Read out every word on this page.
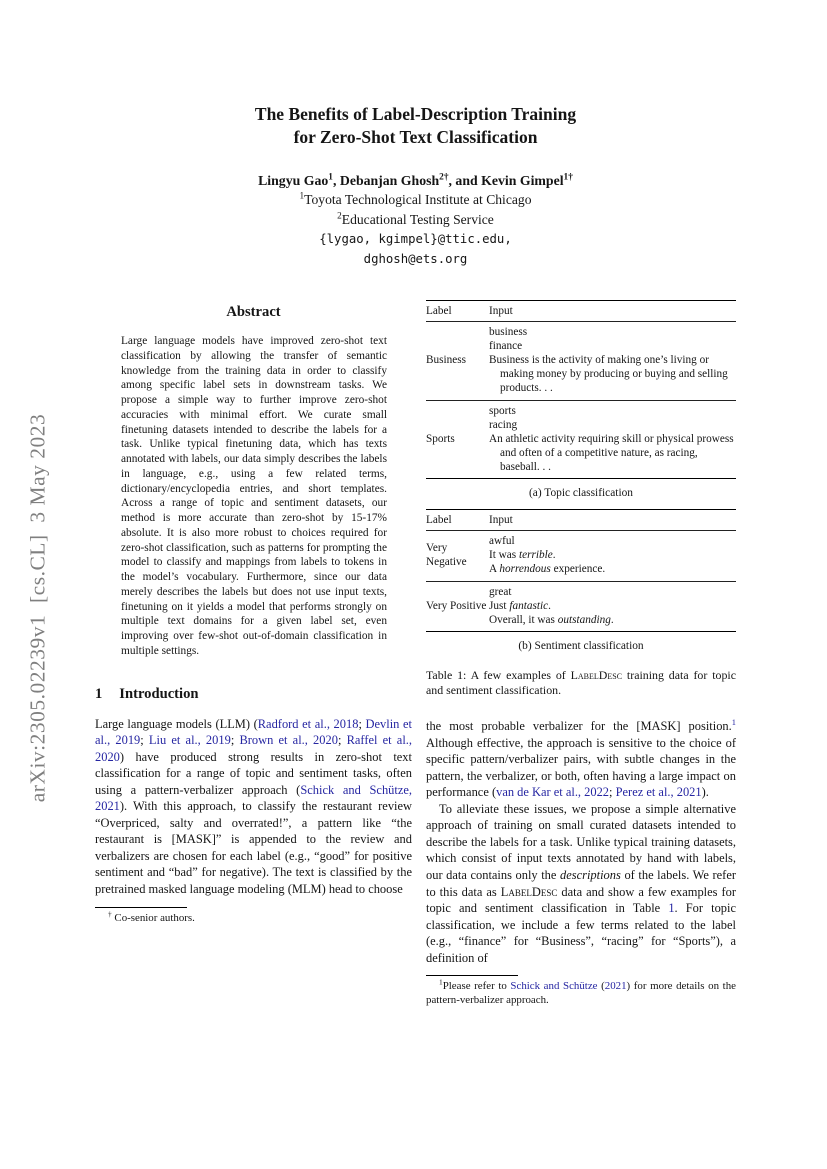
arXiv:2305.02239v1  [cs.CL]  3 May 2023
The Benefits of Label-Description Training
for Zero-Shot Text Classification
Lingyu Gao$^1$, Debanjan Ghosh$^{2\dagger}$, and Kevin Gimpel$^{1\dagger}$
$^1$Toyota Technological Institute at Chicago
$^2$Educational Testing Service
{lygao, kgimpel}@ttic.edu,
dghosh@ets.org
Abstract

Large language models have improved zero-shot text classification by allowing the transfer of semantic knowledge from the training data in order to classify among specific label sets in downstream tasks. We propose a simple way to further improve zero-shot accuracies with minimal effort. We curate small finetuning datasets intended to describe the labels for a task. Unlike typical finetuning data, which has texts annotated with labels, our data simply describes the labels in language, e.g., using a few related terms, dictionary/encyclopedia entries, and short templates. Across a range of topic and sentiment datasets, our method is more accurate than zero-shot by 15-17% absolute. It is also more robust to choices required for zero-shot classification, such as patterns for prompting the model to classify and mappings from labels to tokens in the model’s vocabulary. Furthermore, since our data merely describes the labels but does not use input texts, finetuning on it yields a model that performs strongly on multiple text domains for a given label set, even improving over few-shot out-of-domain classification in multiple settings.

1 Introduction

Large language models (LLM) (Radford et al., 2018; Devlin et al., 2019; Liu et al., 2019; Brown et al., 2020; Raffel et al., 2020) have produced strong results in zero-shot text classification for a range of topic and sentiment tasks, often using a pattern-verbalizer approach (Schick and Schütze, 2021). With this approach, to classify the restaurant review “Overpriced, salty and overrated!”, a pattern like “the restaurant is [MASK]” is appended to the review and verbalizers are chosen for each label (e.g., “good” for positive sentiment and “bad” for negative). The text is classified by the pretrained masked language modeling (MLM) head to choose

† Co-senior authors.

Label	Input
Business
business
finance
Business is the activity of making one’s living or making money by producing or buying and selling products. . .
Sports
sports
racing
An athletic activity requiring skill or physical prowess and often of a competitive nature, as racing, baseball. . .
(a) Topic classification
Label	Input
Very Negative
awful
It was terrible.
A horrendous experience.
Very Positive
great
Just fantastic.
Overall, it was outstanding.
(b) Sentiment classification

Table 1: A few examples of LabelDesc training data for topic and sentiment classification.

the most probable verbalizer for the [MASK] position.$^1$ Although effective, the approach is sensitive to the choice of specific pattern/verbalizer pairs, with subtle changes in the pattern, the verbalizer, or both, often having a large impact on performance (van de Kar et al., 2022; Perez et al., 2021).

To alleviate these issues, we propose a simple alternative approach of training on small curated datasets intended to describe the labels for a task. Unlike typical training datasets, which consist of input texts annotated by hand with labels, our data contains only the descriptions of the labels. We refer to this data as LabelDesc data and show a few examples for topic and sentiment classification in Table 1. For topic classification, we include a few terms related to the label (e.g., “finance” for “Business”, “racing” for “Sports”), a definition of

$^1$Please refer to Schick and Schütze (2021) for more details on the pattern-verbalizer approach.
